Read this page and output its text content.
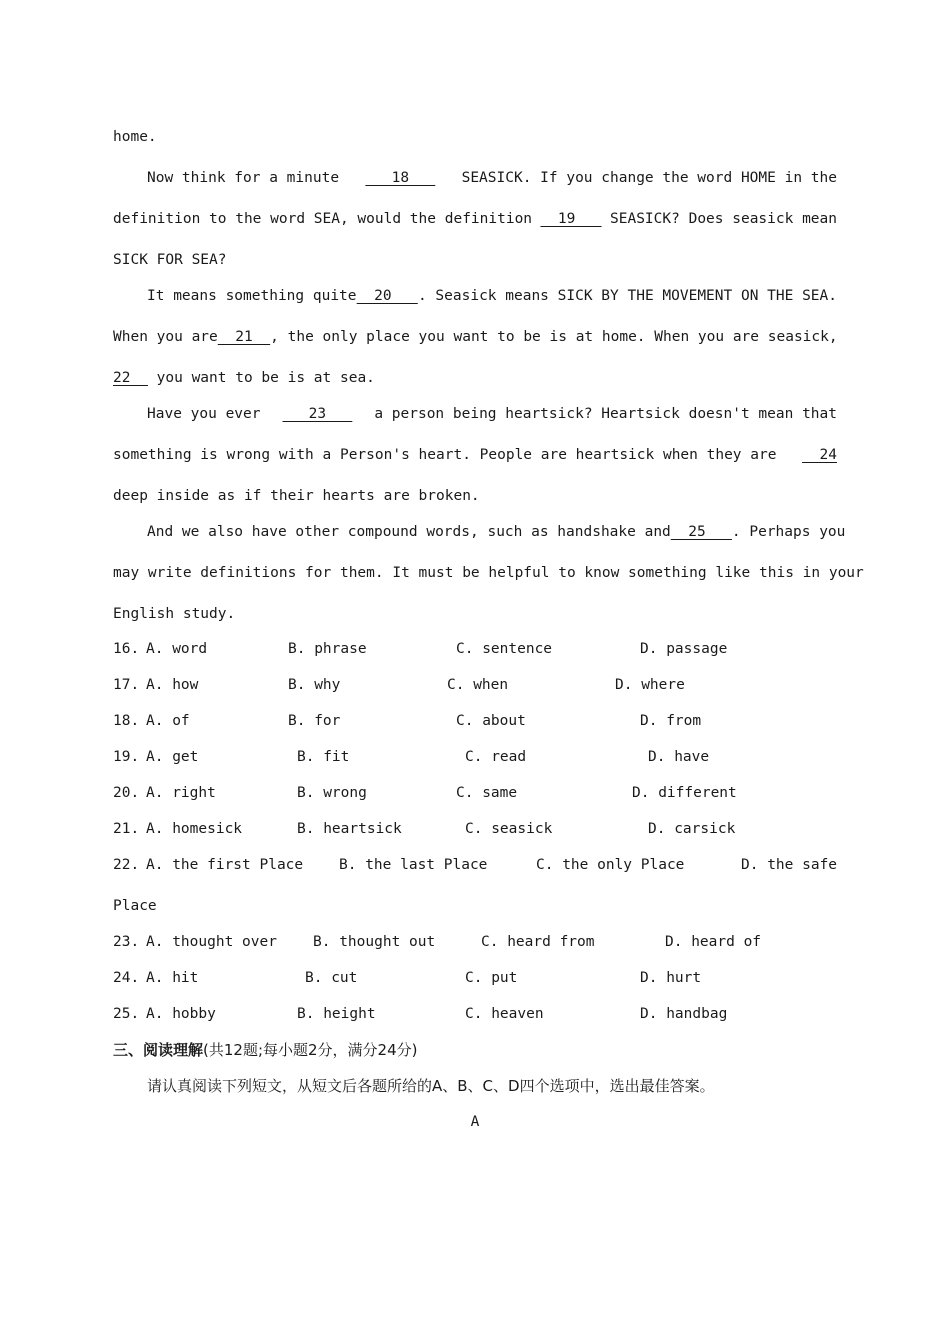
home.
Now think for a minute 18 SEASICK. If you change the word HOME in the
definition to the word SEA, would the definition 19 SEASICK? Does seasick mean
SICK FOR SEA?
It means something quite 20 . Seasick means SICK BY THE MOVEMENT ON THE SEA.
When you are 21 , the only place you want to be is at home. When you are seasick,
22   you want to be is at sea.
Have you ever 23 a person being heartsick? Heartsick doesn't mean that
something is wrong with a Person's heart. People are heartsick when they are 24
deep inside as if their hearts are broken.
And we also have other compound words, such as handshake and 25 . Perhaps you
may write definitions for them. It must be helpful to know something like this in your
English study.

16.

A. word

	B. phrase

	C. sentence

	D. passage

17.

A. how

	B. why

	C. when

	D. where

18.

A. of

	B. for

	C. about

	D. from

19.

A. get

	B. fit

	C. read

	D. have

20.

A. right

	B. wrong

	C. same

	D. different

21.

A. homesick

	B. heartsick

	C. seasick

	D. carsick

22.

A. the first Place

B. the last Place

	C. the only Place

	D. the safe

Place

23.

A. thought over

B. thought out

	C. heard from

	D. heard of

24.

A. hit

	B. cut

	C. put

	D. hurt

25.

A. hobby

	B. height

	C. heaven

	D. handbag

三、阅读理解(共12题;每小题2分，满分24分)
请认真阅读下列短文，从短文后各题所给的A、B、C、D四个选项中，选出最佳答案。
A
